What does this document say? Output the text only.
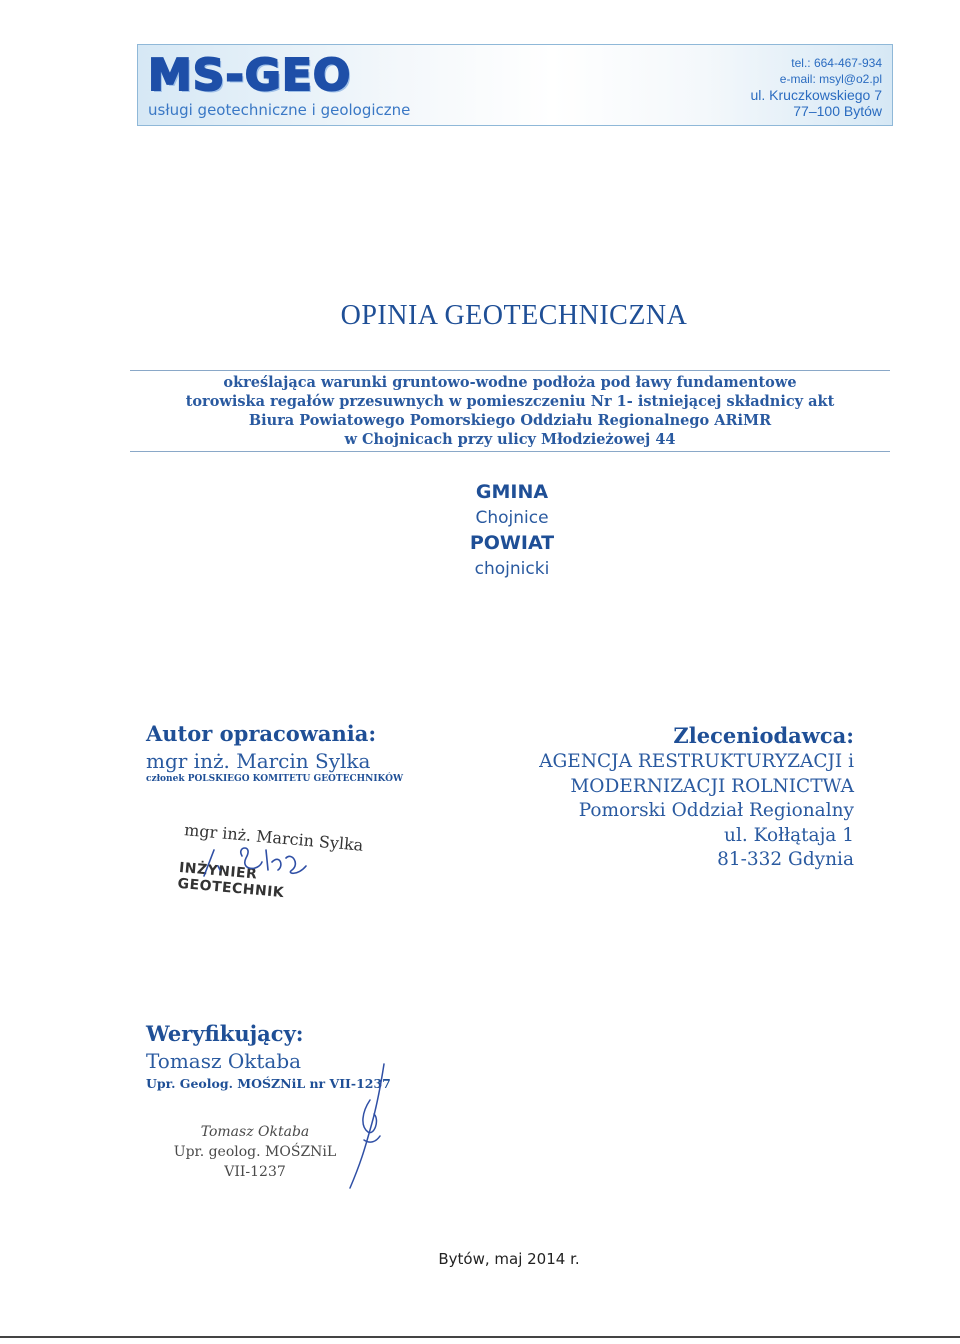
MS-GEO
usługi geotechniczne i geologiczne
tel.: 664-467-934
e-mail: msyl@o2.pl
ul. Kruczkowskiego 7
77–100 Bytów
OPINIA GEOTECHNICZNA
określająca warunki gruntowo-wodne podłoża pod ławy fundamentowe
torowiska regałów przesuwnych w pomieszczeniu Nr 1- istniejącej składnicy akt
Biura Powiatowego Pomorskiego Oddziału Regionalnego ARiMR
w Chojnicach przy ulicy Młodzieżowej 44
GMINA
Chojnice
POWIAT
chojnicki
Autor opracowania:
mgr inż. Marcin Sylka
członek POLSKIEGO KOMITETU GEOTECHNIKÓW
mgr inż. Marcin Sylka
INŻYNIER GEOTECHNIK
Zleceniodawca:
AGENCJA RESTRUKTURYZACJI i
MODERNIZACJI ROLNICTWA
Pomorski Oddział Regionalny
ul. Kołłątaja 1
81-332 Gdynia
Weryfikujący:
Tomasz Oktaba
Upr. Geolog. MOŚZNiL nr VII-1237
Tomasz Oktaba
Upr. geolog. MOŚZNiL
VII-1237
Bytów, maj 2014 r.
